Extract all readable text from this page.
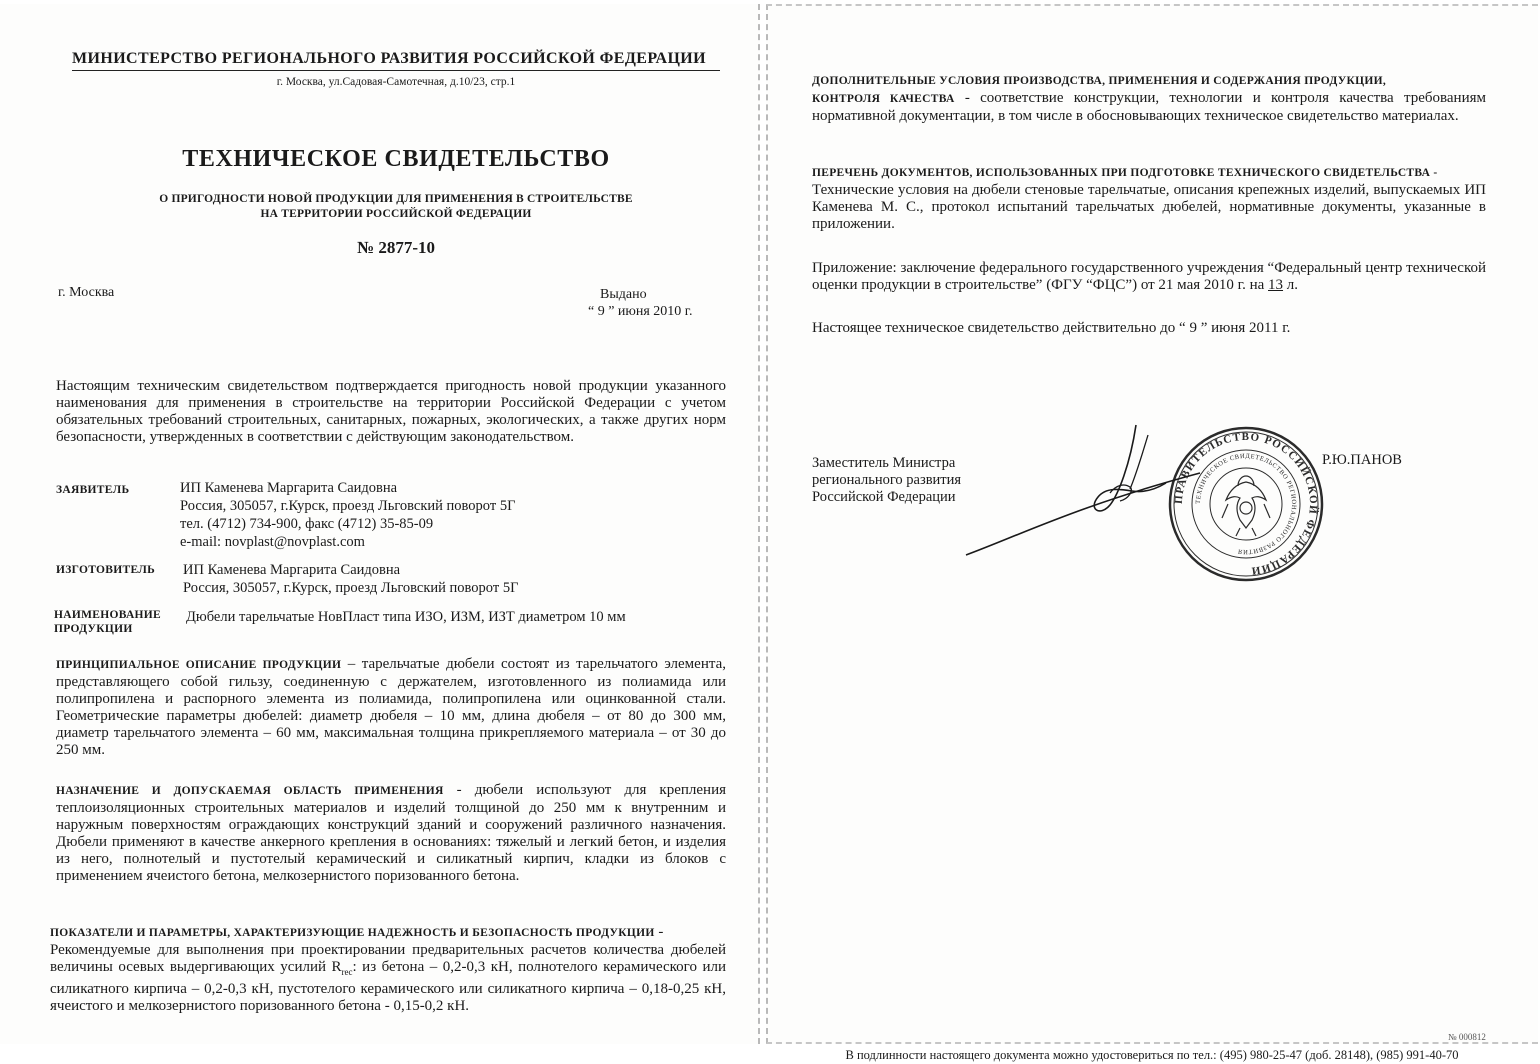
МИНИСТЕРСТВО РЕГИОНАЛЬНОГО РАЗВИТИЯ РОССИЙСКОЙ ФЕДЕРАЦИИ
г. Москва, ул.Садовая-Самотечная, д.10/23, стр.1
ТЕХНИЧЕСКОЕ СВИДЕТЕЛЬСТВО
О ПРИГОДНОСТИ НОВОЙ ПРОДУКЦИИ ДЛЯ ПРИМЕНЕНИЯ В СТРОИТЕЛЬСТВЕ
НА ТЕРРИТОРИИ РОССИЙСКОЙ ФЕДЕРАЦИИ
№ 2877-10
г. Москва	Выдано
“ 9 ” июня 2010 г.

Настоящим техническим свидетельством подтверждается пригодность новой продукции указанного наименования для применения в строительстве на территории Российской Федерации с учетом обязательных требований строительных, санитарных, пожарных, экологических, а также других норм безопасности, утвержденных в соответствии с действующим законодательством.

ЗАЯВИТЕЛЬ	ИП Каменева Маргарита Саидовна
Россия, 305057, г.Курск, проезд Льговский поворот 5Г
тел. (4712) 734-900, факс (4712) 35-85-09
e-mail: novplast@novplast.com
ИЗГОТОВИТЕЛЬ ИП Каменева Маргарита Саидовна
Россия, 305057, г.Курск, проезд Льговский поворот 5Г
НАИМЕНОВАНИЕ
ПРОДУКЦИИ
Дюбели тарельчатые НовПласт типа ИЗО, ИЗМ, ИЗТ диаметром 10 мм

ПРИНЦИПИАЛЬНОЕ ОПИСАНИЕ ПРОДУКЦИИ – тарельчатые дюбели состоят из тарельчатого элемента, представляющего собой гильзу, соединенную с держателем, изготовленного из полиамида или полипропилена и распорного элемента из полиамида, полипропилена или оцинкованной стали. Геометрические параметры дюбелей: диаметр дюбеля – 10 мм, длина дюбеля – от 80 до 300 мм, диаметр тарельчатого элемента – 60 мм, максимальная толщина прикрепляемого материала – от 30 до 250 мм.

НАЗНАЧЕНИЕ И ДОПУСКАЕМАЯ ОБЛАСТЬ ПРИМЕНЕНИЯ - дюбели используют для крепления теплоизоляционных строительных материалов и изделий толщиной до 250 мм к внутренним и наружным поверхностям ограждающих конструкций зданий и сооружений различного назначения. Дюбели применяют в качестве анкерного крепления в основаниях: тяжелый и легкий бетон, и изделия из него, полнотелый и пустотелый керамический и силикатный кирпич, кладки из блоков с применением ячеистого бетона, мелкозернистого поризованного бетона.

ПОКАЗАТЕЛИ И ПАРАМЕТРЫ, ХАРАКТЕРИЗУЮЩИЕ НАДЕЖНОСТЬ И БЕЗОПАСНОСТЬ ПРОДУКЦИИ -
Рекомендуемые для выполнения при проектировании предварительных расчетов количества дюбелей величины осевых выдергивающих усилий $R_{rec}$: из бетона – 0,2-0,3 кН, полнотелого керамического или силикатного кирпича – 0,2-0,3 кН, пустотелого керамического или силикатного кирпича – 0,18-0,25 кН, ячеистого и мелкозернистого поризованного бетона - 0,15-0,2 кН.

ДОПОЛНИТЕЛЬНЫЕ УСЛОВИЯ ПРОИЗВОДСТВА, ПРИМЕНЕНИЯ И СОДЕРЖАНИЯ ПРОДУКЦИИ,
КОНТРОЛЯ КАЧЕСТВА - соответствие конструкции, технологии и контроля качества требованиям нормативной документации, в том числе в обосновывающих техническое свидетельство материалах.

ПЕРЕЧЕНЬ ДОКУМЕНТОВ, ИСПОЛЬЗОВАННЫХ ПРИ ПОДГОТОВКЕ ТЕХНИЧЕСКОГО СВИДЕТЕЛЬСТВА -
Технические условия на дюбели стеновые тарельчатые, описания крепежных изделий, выпускаемых ИП Каменева М. С., протокол испытаний тарельчатых дюбелей, нормативные документы, указанные в приложении.

Приложение: заключение федерального государственного учреждения “Федеральный центр технической оценки продукции в строительстве” (ФГУ “ФЦС”) от 21 мая 2010 г. на 13 л.

Настоящее техническое свидетельство действительно до “ 9 ” июня 2011 г.
Заместитель Министра
регионального развития
Российской Федерации	ПРАВИТЕЛЬСТВО РОССИЙСКОЙ ФЕДЕРАЦИИ
ТЕХНИЧЕСКОЕ СВИДЕТЕЛЬСТВО РЕГИОНАЛЬНОГО РАЗВИТИЯ
Р.Ю.ПАНОВ
№ 000812
В подлинности настоящего документа можно удостовериться по тел.: (495) 980-25-47 (доб. 28148), (985) 991-40-70
